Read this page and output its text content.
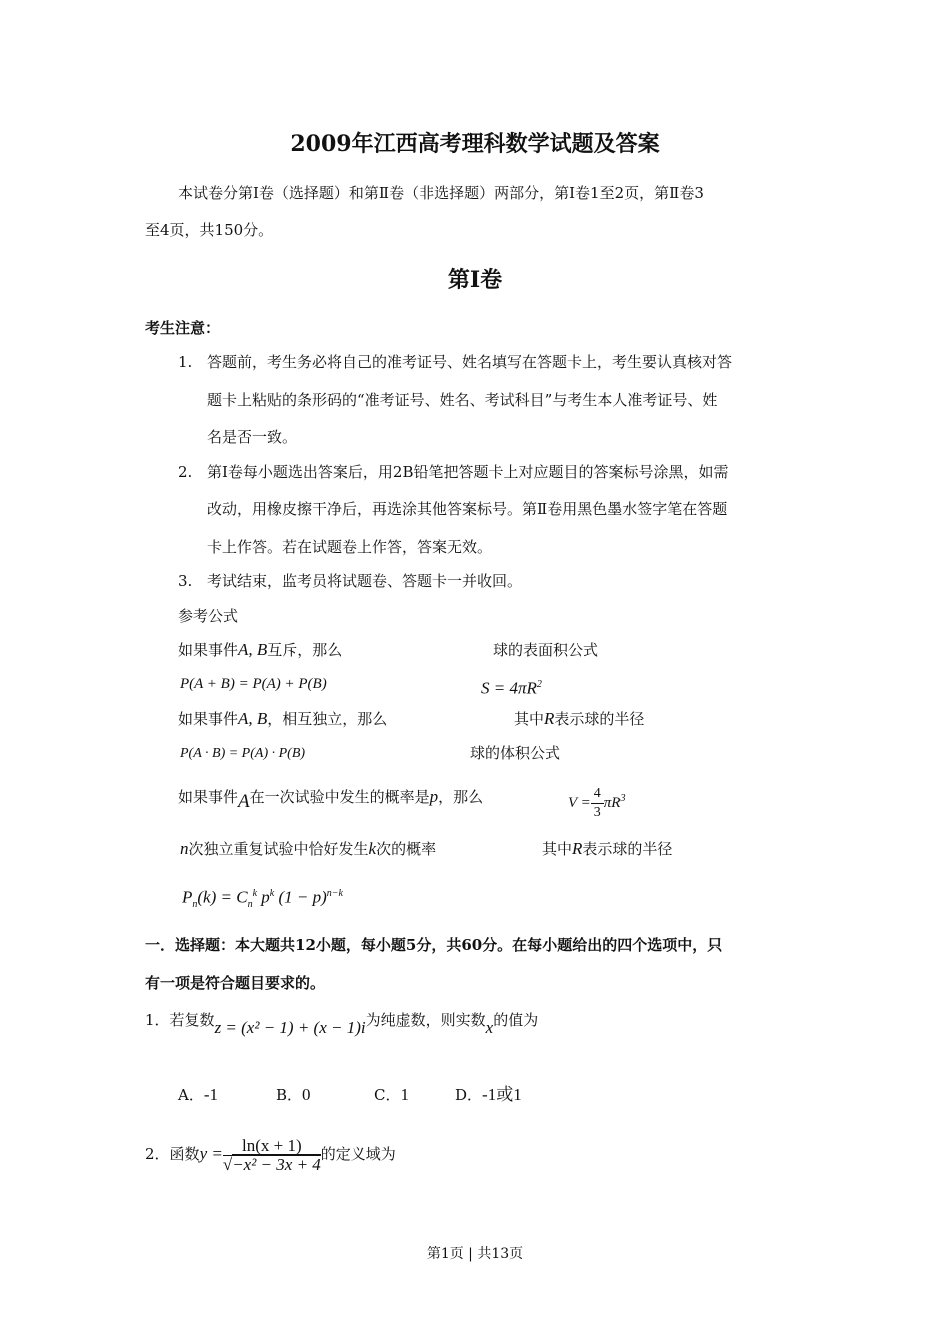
2009年江西高考理科数学试题及答案
本试卷分第Ⅰ卷（选择题）和第Ⅱ卷（非选择题）两部分，第Ⅰ卷1至2页，第Ⅱ卷3
至4页，共150分。
第Ⅰ卷
考生注意：
1. 答题前，考生务必将自己的准考证号、姓名填写在答题卡上，考生要认真核对答
题卡上粘贴的条形码的“准考证号、姓名、考试科目”与考生本人准考证号、姓
名是否一致。
2. 第I卷每小题选出答案后，用2B铅笔把答题卡上对应题目的答案标号涂黑，如需
改动，用橡皮擦干净后，再选涂其他答案标号。第Ⅱ卷用黑色墨水签字笔在答题
卡上作答。若在试题卷上作答，答案无效。
3. 考试结束，监考员将试题卷、答题卡一并收回。
参考公式
如果事件A, B互斥，那么	球的表面积公式
P(A + B) = P(A) + P(B)	$S = 4\pi R^2$
如果事件A, B，相互独立，那么	其中R表示球的半径
P(A · B) = P(A) · P(B)	球的体积公式
如果事件A在一次试验中发生的概率是p，那么	$V = \frac{4}{3} \pi R^3$
n次独立重复试验中恰好发生k次的概率	其中R表示球的半径
$P_n(k) = C_n^k$ $p^k$ $(1 - p)^{n-k}$
一．选择题：本大题共12小题，每小题5分，共60分。在每小题给出的四个选项中，只
有一项是符合题目要求的。
1．若复数z = (x² − 1) + (x − 1)i为纯虚数，则实数x的值为
A．-1	B．0	C．1	D．-1或1
2．函数$y = \frac{\ln(x + 1)}{\text{√−x² − 3x + 4}}$ 的定义域为
第1页 | 共13页
